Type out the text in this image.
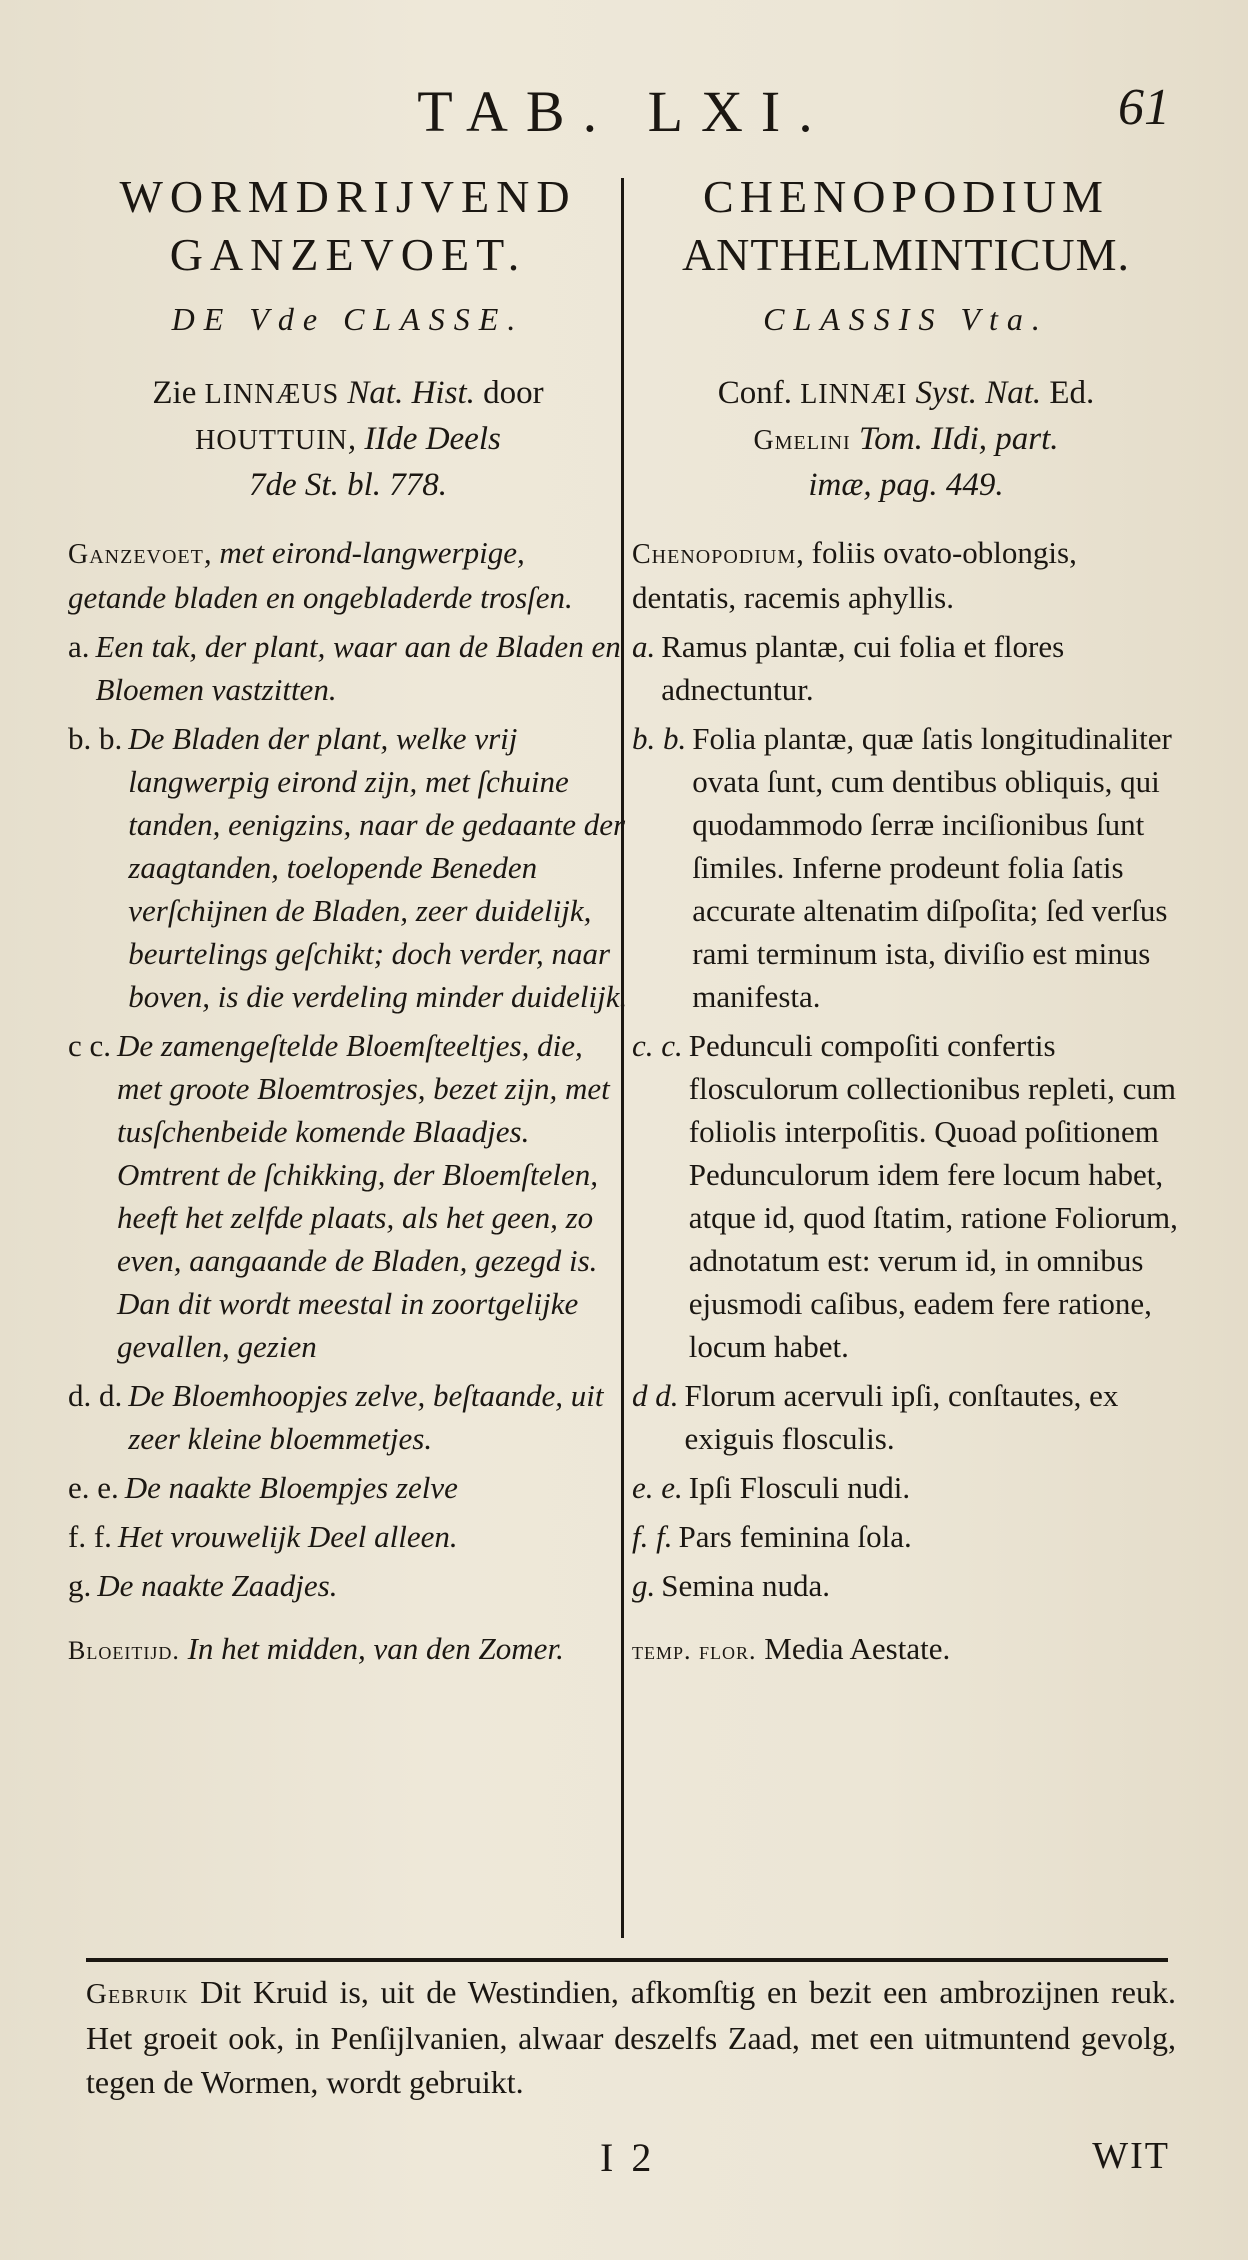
TAB. LXI.	61
WORMDRIJVEND
GANZEVOET.
DE Vde CLASSE.
Zie LINNÆUS Nat. Hist. door
HOUTTUIN, IIde Deels
7de St. bl. 778.

Ganzevoet, met eirond-langwerpige, getande bladen en ongebladerde trosſen.

a. Een tak, der plant, waar aan de Bladen en Bloemen vastzitten.
b. b. De Bladen der plant, welke vrij langwerpig eirond zijn, met ſchuine tanden, eenigzins, naar de gedaante der zaagtanden, toelopende Beneden verſchijnen de Bladen, zeer duidelijk, beurtelings geſchikt; doch verder, naar boven, is die verdeling minder duidelijk.
c c. De zamengeſtelde Bloemſteeltjes, die, met groote Bloemtrosjes, bezet zijn, met tusſchenbeide komende Blaadjes. Omtrent de ſchikking, der Bloemſtelen, heeft het zelfde plaats, als het geen, zo even, aangaande de Bladen, gezegd is. Dan dit wordt meestal in zoortgelijke gevallen, gezien
d. d. De Bloemhoopjes zelve, beſtaande, uit zeer kleine bloemmetjes.
e. e. De naakte Bloempjes zelve
f. f. Het vrouwelijk Deel alleen.
g. De naakte Zaadjes.
Bloeitijd. In het midden, van den Zomer.
CHENOPODIUM
ANTHELMINTICUM.
CLASSIS Vta.
Conf. LINNÆI Syst. Nat. Ed.
Gmelini Tom. IIdi, part.
imæ, pag. 449.

Chenopodium, foliis ovato-oblongis, dentatis, racemis aphyllis.

a. Ramus plantæ, cui folia et flores adnectuntur.
b. b. Folia plantæ, quæ ſatis longitudinaliter ovata ſunt, cum dentibus obliquis, qui quodammodo ſerræ inciſionibus ſunt ſimiles. Inferne prodeunt folia ſatis accurate altenatim diſpoſita; ſed verſus rami terminum ista, diviſio est minus manifesta.
c. c. Pedunculi compoſiti confertis flosculorum collectionibus repleti, cum foliolis interpoſitis. Quoad poſitionem Pedunculorum idem fere locum habet, atque id, quod ſtatim, ratione Foliorum, adnotatum est: verum id, in omnibus ejusmodi caſibus, eadem fere ratione, locum habet.
d d. Florum acervuli ipſi, conſtautes, ex exiguis flosculis.
e. e. Ipſi Flosculi nudi.
f. f. Pars feminina ſola.
g. Semina nuda.
temp. flor. Media Aestate.
Gebruik Dit Kruid is, uit de Westindien, afkomſtig en bezit een ambrozijnen reuk. Het groeit ook, in Penſijlvanien, alwaar deszelfs Zaad, met een uitmuntend gevolg, tegen de Wormen, wordt gebruikt.
I 2	WIT
